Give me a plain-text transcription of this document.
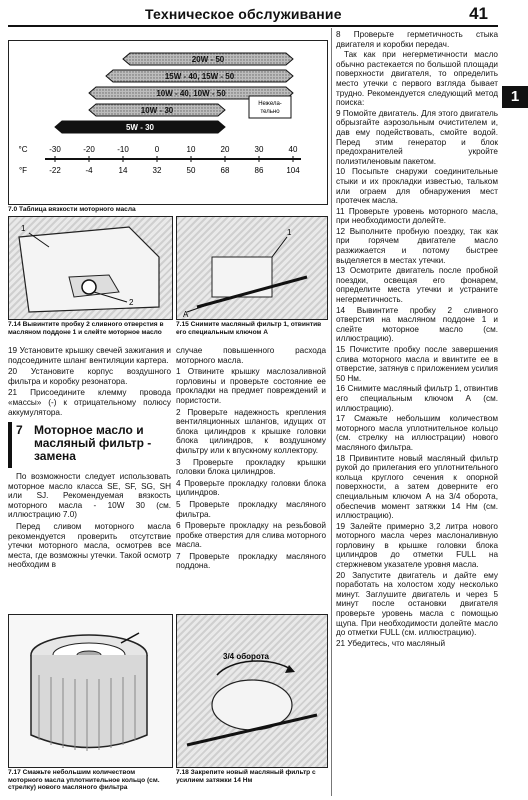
Техническое обслуживание	41
1
20W - 50
15W - 40, 15W - 50
10W - 40, 10W - 50
10W - 30
5W - 30
Нежела-тельно
°C	-30	-20	-10	0	10	20	30	40
°F	-22	-4	14	32	50	68	86	104
7.0 Таблица вязкости моторного масла
2
1
7.14 Вывинтите пробку 2 сливного отверстия в масляном поддоне 1 и слейте моторное масло
А
1
7.15 Снимите масляный фильтр 1, отвинтив его специальным ключом А

19 Установите крышку свечей зажигания и подсоедините шланг вентиляции картера.

20 Установите корпус воздушного фильтра и коробку резонатора.

21 Присоедините клемму провода «массы» (-) к отрицательному полюсу аккумулятора.

7 Моторное масло и масляный фильтр - замена

По возможности следует использовать моторное масло класса SE, SF, SG, SH или SJ. Рекомендуемая вязкость моторного масла - 10W 30 (см. иллюстрацию 7.0)

Перед сливом моторного масла рекомендуется проверить отсутствие утечки моторного масла, осмотрев все места, где возможны утечки. Такой осмотр необходим в

7.17 Смажьте небольшим количеством моторного масла уплотнительное кольцо (см. стрелку) нового масляного фильтра

случае повышенного расхода моторного масла.

1 Отвините крышку маслозаливной горловины и проверьте состояние ее прокладки на предмет повреждений и пористости.

2 Проверьте надежность крепления вентиляционных шлангов, идущих от блока цилиндров к крышке головки блока цилиндров, к воздушному фильтру или к впускному коллектору.

3 Проверьте прокладку крышки головки блока цилиндров.

4 Проверьте прокладку головки блока цилиндров.

5 Проверьте прокладку масляного фильтра.

6 Проверьте прокладку на резьбовой пробке отверстия для слива моторного масла.

7 Проверьте прокладку масляного поддона.

3/4 оборота
7.18 Закрепите новый масляный фильтр с усилием затяжки 14 Нм

8 Проверьте герметичность стыка двигателя и коробки передач.

Так как при негерметичности масло обычно растекается по большой площади поверхности двигателя, то определить место утечки с первого взгляда бывает трудно. Рекомендуется следующий метод поиска:

9 Помойте двигатель. Для этого двигатель обрызгайте аэрозольным очистителем и, дав ему подействовать, смойте водой. Перед этим генератор и блок предохранителей укройте полиэтиленовым пакетом.

10 Посыпьте снаружи соединительные стыки и их прокладки известью, тальком или ограем для обнаружения мест протечек масла.

11 Проверьте уровень моторного масла, при необходимости долейте.

12 Выполните пробную поездку, так как при горячем двигателе масло разжижается и потому быстрее выделяется в местах утечки.

13 Осмотрите двигатель после пробной поездки, освещая его фонарем, определите места утечки и устраните негерметичность.

14 Вывинтите пробку 2 сливного отверстия на масляном поддоне 1 и слейте моторное масло (см. иллюстрацию).

15 Почистите пробку после завершения слива моторного масла и ввинтите ее в отверстие, затянув с приложением усилия 50 Нм.

16 Снимите масляный фильтр 1, отвинтив его специальным ключом А (см. иллюстрацию).

17 Смажьте небольшим количеством моторного масла уплотнительное кольцо (см. стрелку на иллюстрации) нового масляного фильтра.

18 Привинтите новый масляный фильтр рукой до прилегания его уплотнительного кольца круглого сечения к опорной поверхности, а затем доверните его специальным ключом А на 3/4 оборота, обеспечив момент затяжки 14 Нм (см. иллюстрацию).

19 Залейте примерно 3,2 литра нового моторного масла через маслоналивную горловину в крышке головки блока цилиндров до отметки FULL на стержневом указателе уровня масла.

20 Запустите двигатель и дайте ему поработать на холостом ходу несколько минут. Заглушите двигатель и через 5 минут после остановки двигателя проверьте уровень масла с помощью щупа. При необходимости долейте масло до отметки FULL (см. иллюстрацию).

21 Убедитесь, что масляный
